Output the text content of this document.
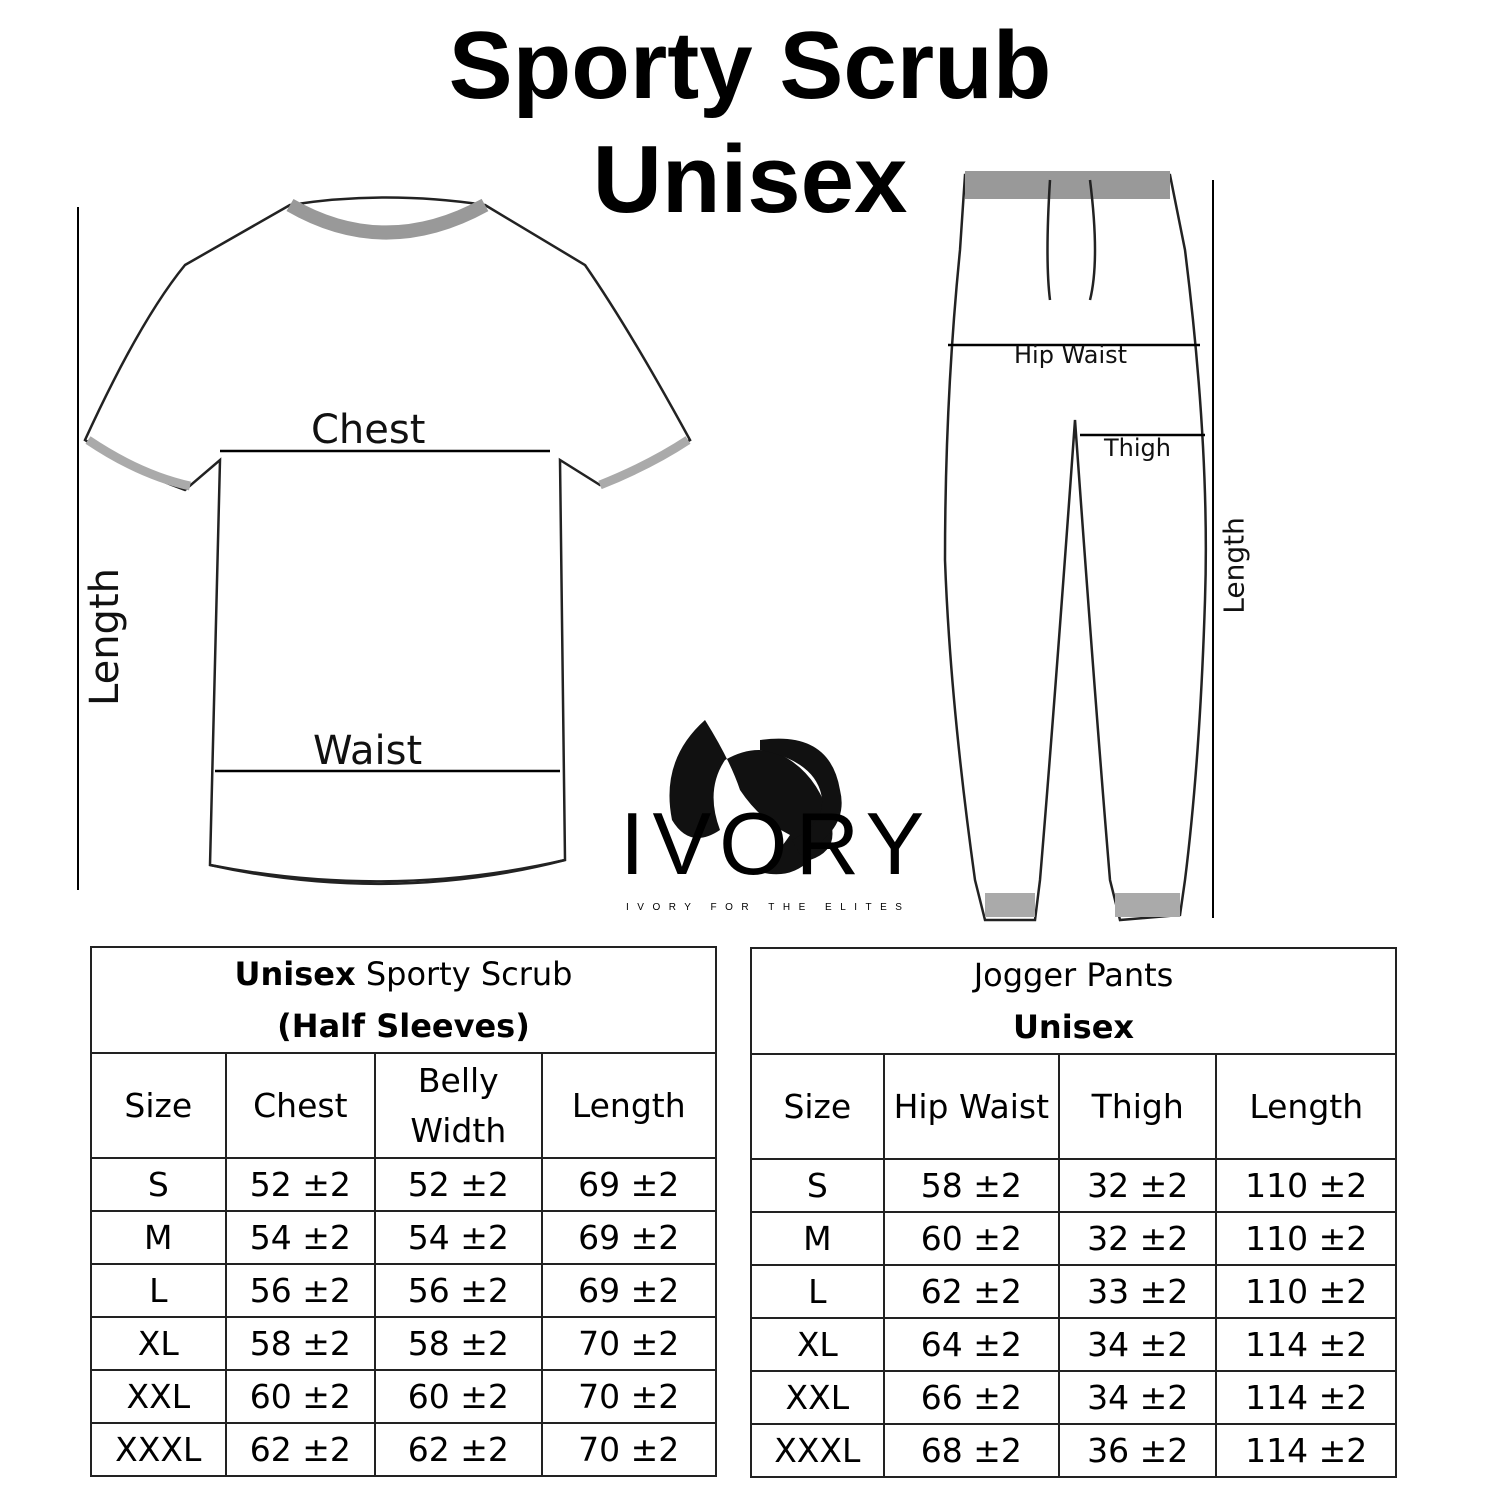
Sporty Scrub
Unisex
Chest
Waist
Length
Hip Waist
Thigh
Length
IVORY
IVORY FOR THE ELITES
Unisex Sporty Scrub
(Half Sleeves)			
Size	Chest	Belly Width	Length
S	52 ±2	52 ±2	69 ±2
M	54 ±2	54 ±2	69 ±2
L	56 ±2	56 ±2	69 ±2
XL	58 ±2	58 ±2	70 ±2
XXL	60 ±2	60 ±2	70 ±2
XXXL	62 ±2	62 ±2	70 ±2
Jogger Pants
Unisex			
Size	Hip Waist	Thigh	Length
S	58 ±2	32 ±2	110 ±2
M	60 ±2	32 ±2	110 ±2
L	62 ±2	33 ±2	110 ±2
XL	64 ±2	34 ±2	114 ±2
XXL	66 ±2	34 ±2	114 ±2
XXXL	68 ±2	36 ±2	114 ±2
